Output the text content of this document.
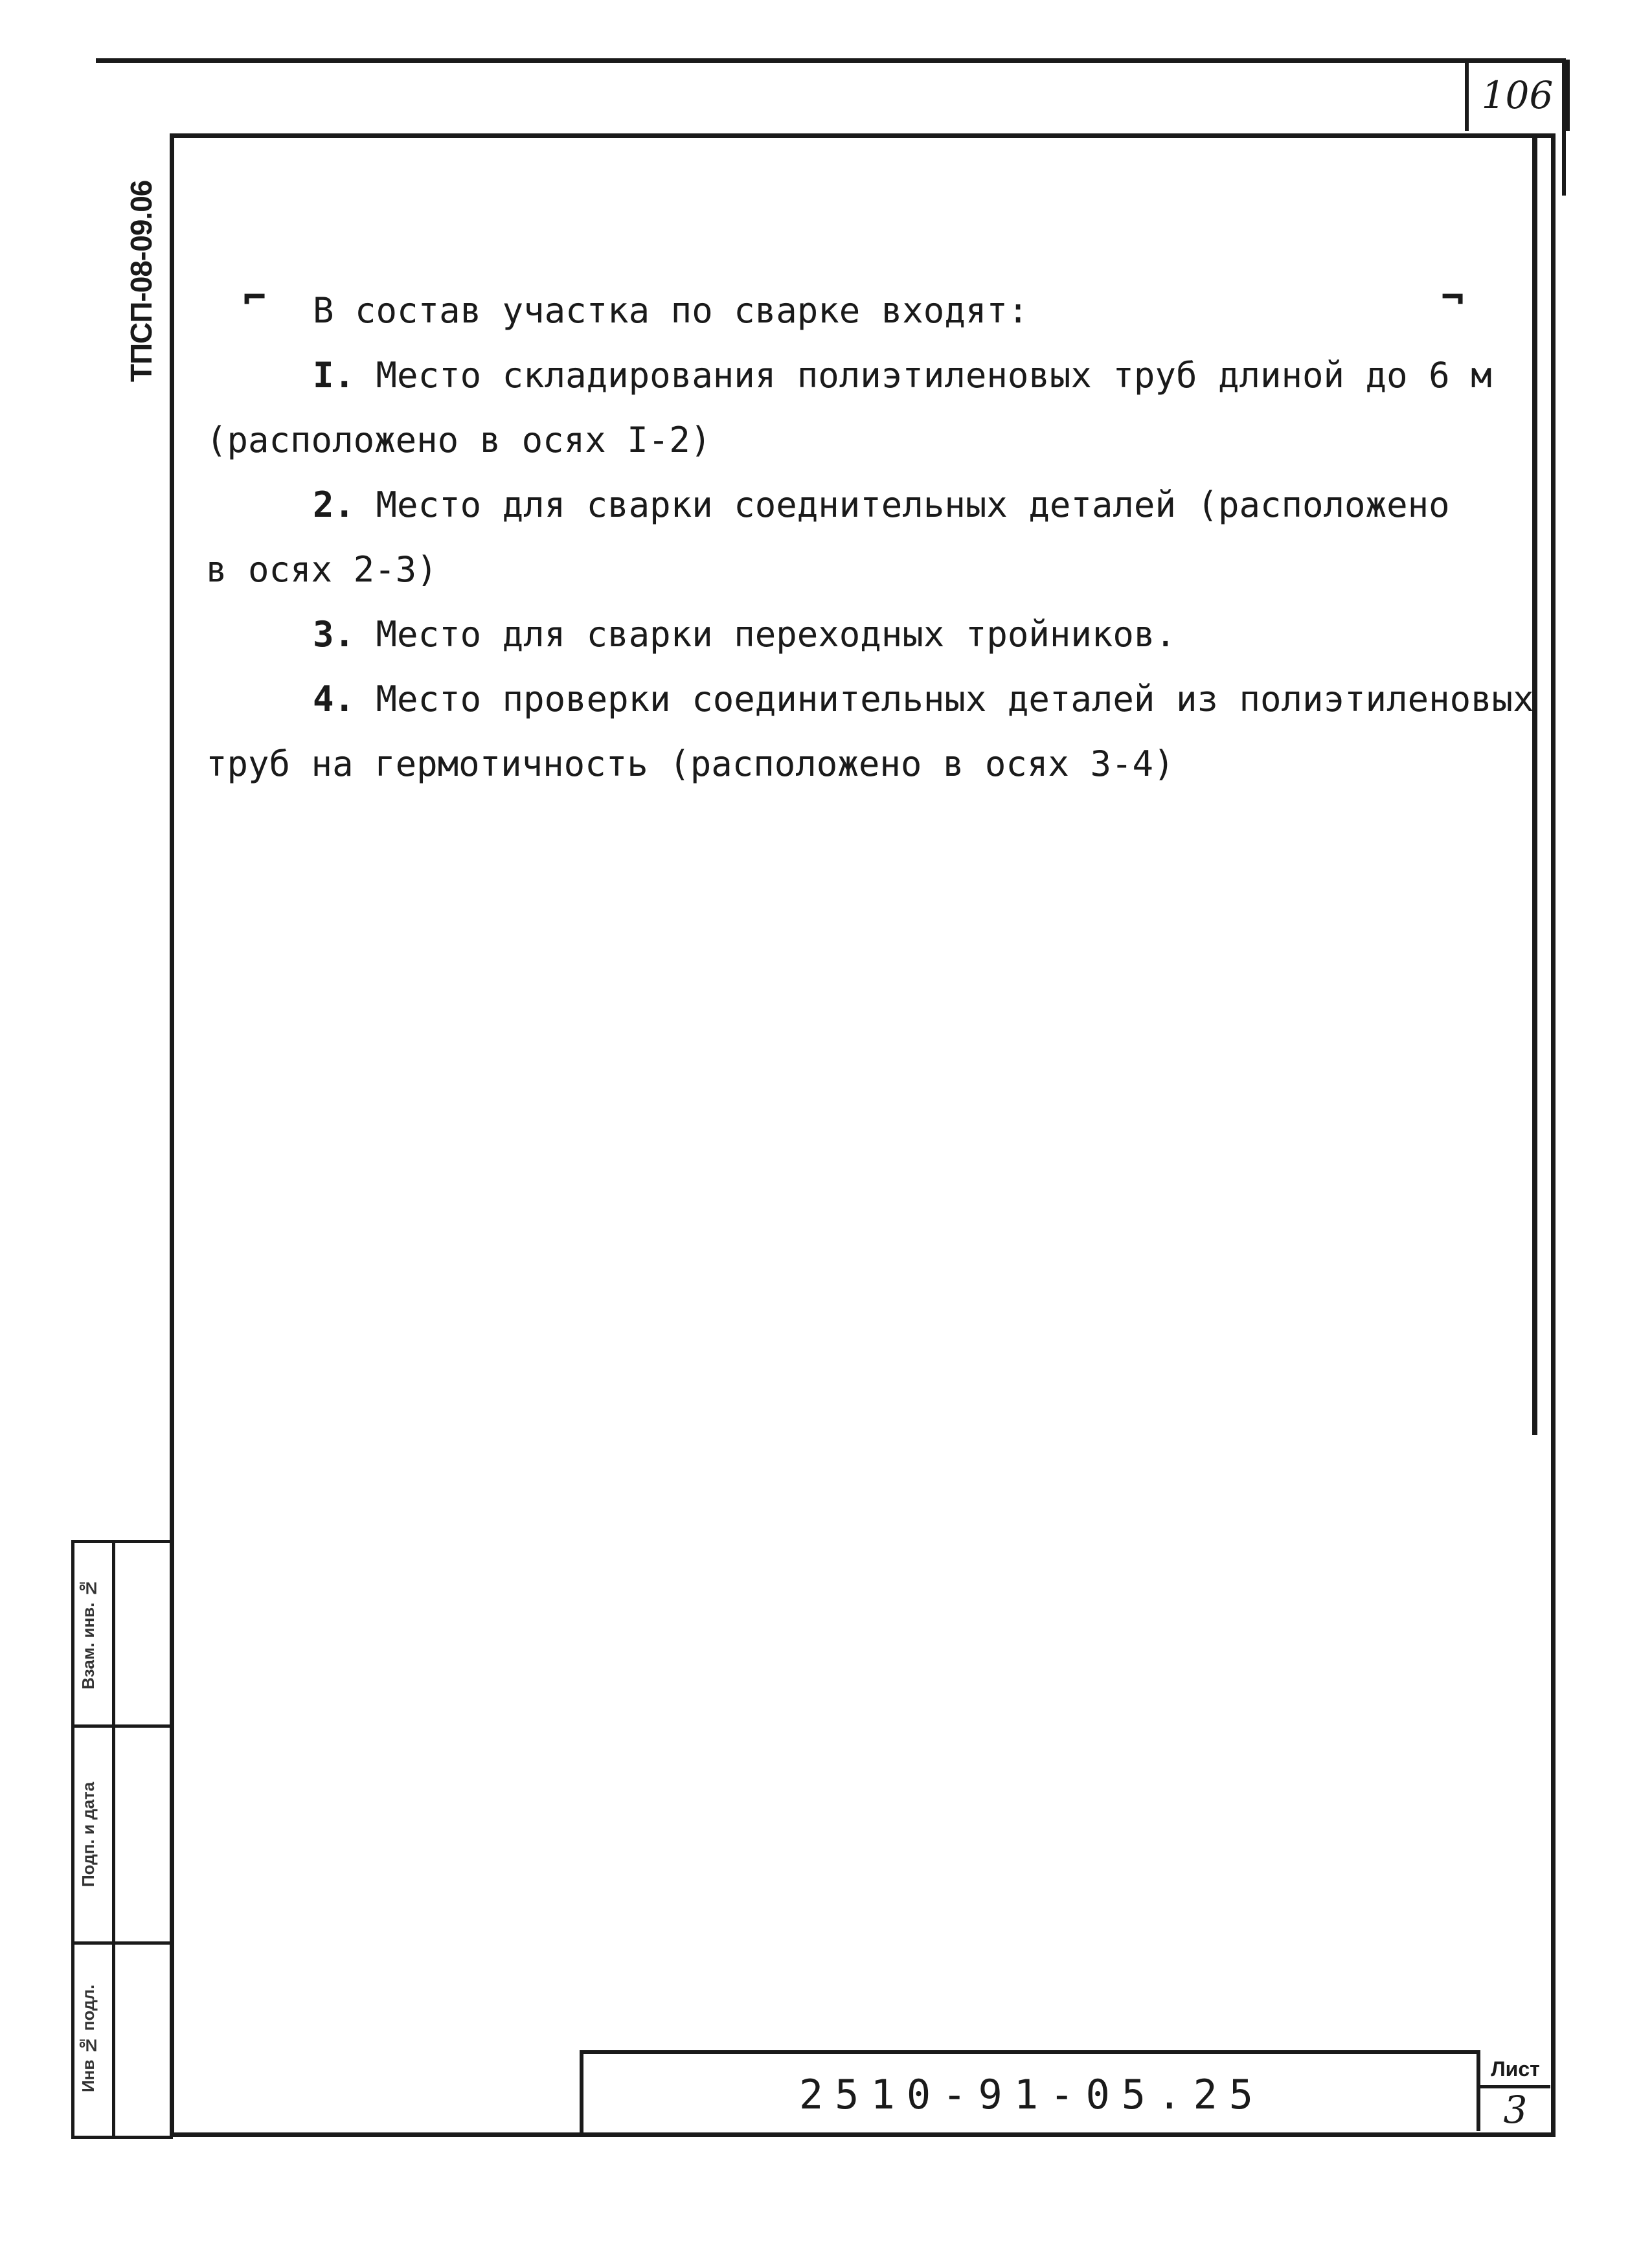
106
ТПСП-08-09.06 ⌐	¬

В состав участка по сварке входят:

I. Место складирования полиэтиленовых труб длиной до 6 м

(расположено в осях I-2)

2. Место для сварки соеднительных деталей (расположено

в осях 2-3)

3. Место для сварки переходных тройников.

4. Место проверки соединительных деталей из полиэтиленовых

труб на гермотичность (расположено в осях 3-4)

Взам. инв. №
Подп. и дата
Инв № подл.
2510-91-05.25
Лист
3
